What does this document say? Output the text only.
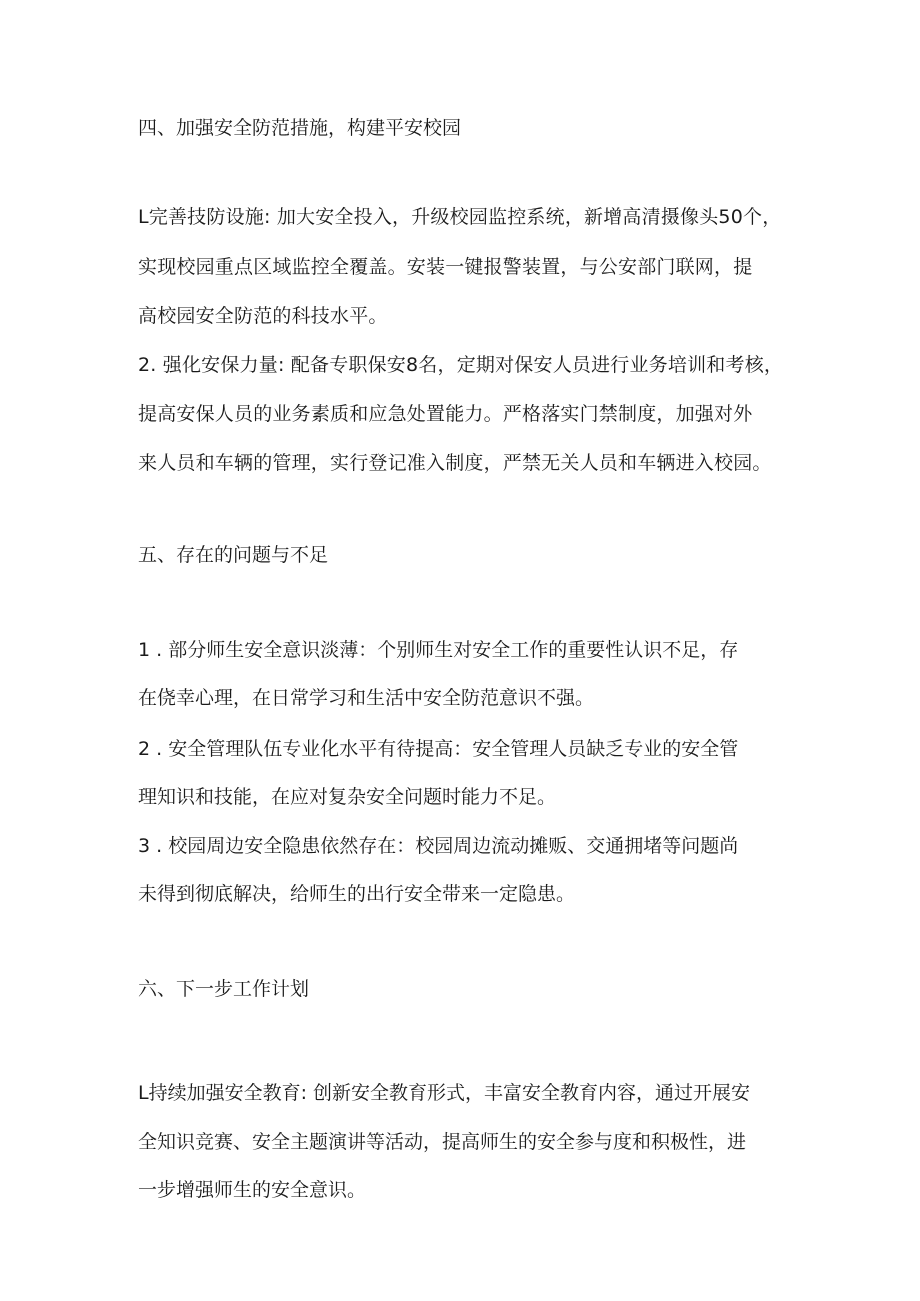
四、加强安全防范措施，构建平安校园

L完善技防设施: 加大安全投入，升级校园监控系统，新增高清摄像头50个，

实现校园重点区域监控全覆盖。安装一键报警装置，与公安部门联网，提

高校园安全防范的科技水平。

2. 强化安保力量: 配备专职保安8名，定期对保安人员进行业务培训和考核，

提高安保人员的业务素质和应急处置能力。严格落实门禁制度，加强对外

来人员和车辆的管理，实行登记准入制度，严禁无关人员和车辆进入校园。

五、存在的问题与不足

1 . 部分师生安全意识淡薄：个别师生对安全工作的重要性认识不足，存

在侥幸心理，在日常学习和生活中安全防范意识不强。

2 . 安全管理队伍专业化水平有待提高：安全管理人员缺乏专业的安全管

理知识和技能，在应对复杂安全问题时能力不足。

3 . 校园周边安全隐患依然存在：校园周边流动摊贩、交通拥堵等问题尚

未得到彻底解决，给师生的出行安全带来一定隐患。

六、下一步工作计划

L持续加强安全教育: 创新安全教育形式，丰富安全教育内容，通过开展安

全知识竞赛、安全主题演讲等活动，提高师生的安全参与度和积极性，进

一步增强师生的安全意识。
